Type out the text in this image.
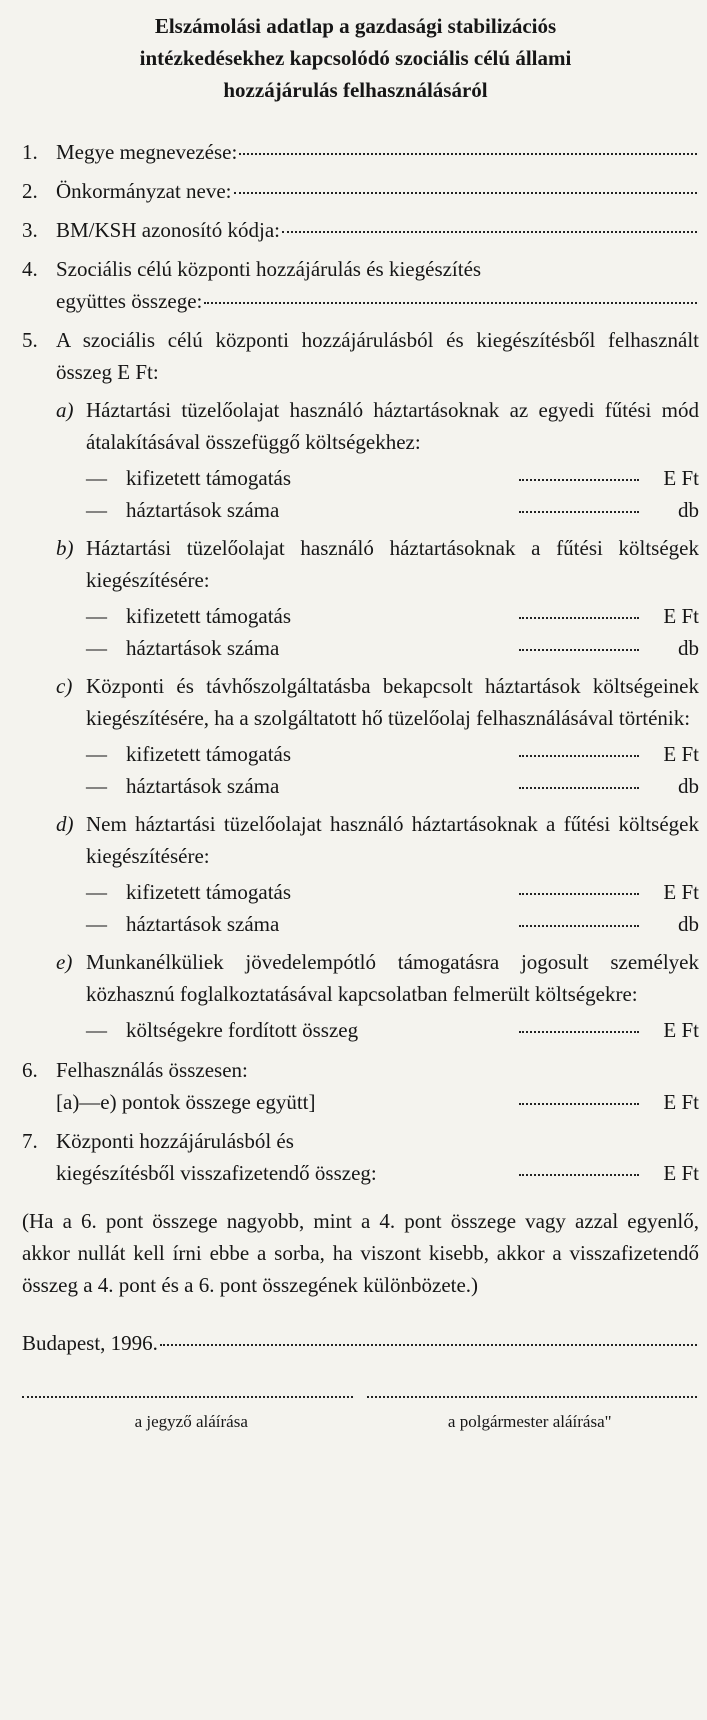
Elszámolási adatlap a gazdasági stabilizációs
intézkedésekhez kapcsolódó szociális célú állami
hozzájárulás felhasználásáról
1. Megye megnevezése:
2. Önkormányzat neve:
3. BM/KSH azonosító kódja:
4. Szociális célú központi hozzájárulás és kiegészítés
együttes összege:
5. A szociális célú központi hozzájárulásból és kiegészítésből felhasznált összeg E Ft:
a) Háztartási tüzelőolajat használó háztartásoknak az egyedi fűtési mód átalakításával összefüggő költségekhez:
— kifizetett támogatás	E Ft
— háztartások száma	db
b) Háztartási tüzelőolajat használó háztartásoknak a fűtési költségek kiegészítésére:
— kifizetett támogatás	E Ft
— háztartások száma	db
c) Központi és távhőszolgáltatásba bekapcsolt háztartások költségeinek kiegészítésére, ha a szolgáltatott hő tüzelőolaj felhasználásával történik:
— kifizetett támogatás	E Ft
— háztartások száma	db
d) Nem háztartási tüzelőolajat használó háztartásoknak a fűtési költségek kiegészítésére:
— kifizetett támogatás	E Ft
— háztartások száma	db
e) Munkanélküliek jövedelempótló támogatásra jogosult személyek közhasznú foglalkoztatásával kapcsolatban felmerült költségekre:
— költségekre fordított összeg	E Ft
6. Felhasználás összesen:
[a)—e) pontok összege együtt]	E Ft
7. Központi hozzájárulásból és
kiegészítésből visszafizetendő összeg:	E Ft
(Ha a 6. pont összege nagyobb, mint a 4. pont összege vagy azzal egyenlő, akkor nullát kell írni ebbe a sorba, ha viszont kisebb, akkor a visszafizetendő összeg a 4. pont és a 6. pont összegének különbözete.)
Budapest, 1996.
a jegyző aláírása	a polgármester aláírása"
